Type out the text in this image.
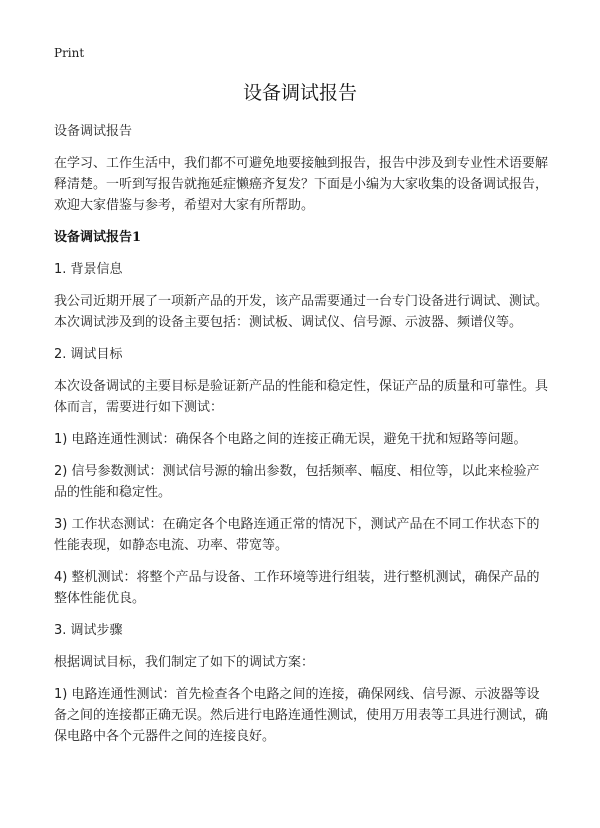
Print
设备调试报告

设备调试报告

在学习、工作生活中，我们都不可避免地要接触到报告，报告中涉及到专业性术语要解释清楚。一听到写报告就拖延症懒癌齐复发？下面是小编为大家收集的设备调试报告，欢迎大家借鉴与参考，希望对大家有所帮助。

设备调试报告1

1. 背景信息

我公司近期开展了一项新产品的开发，该产品需要通过一台专门设备进行调试、测试。本次调试涉及到的设备主要包括：测试板、调试仪、信号源、示波器、频谱仪等。

2. 调试目标

本次设备调试的主要目标是验证新产品的性能和稳定性，保证产品的质量和可靠性。具体而言，需要进行如下测试：

1) 电路连通性测试：确保各个电路之间的连接正确无误，避免干扰和短路等问题。

2) 信号参数测试：测试信号源的输出参数，包括频率、幅度、相位等，以此来检验产品的性能和稳定性。

3) 工作状态测试：在确定各个电路连通正常的情况下，测试产品在不同工作状态下的性能表现，如静态电流、功率、带宽等。

4) 整机测试：将整个产品与设备、工作环境等进行组装，进行整机测试，确保产品的整体性能优良。

3. 调试步骤

根据调试目标，我们制定了如下的调试方案：

1) 电路连通性测试：首先检查各个电路之间的连接，确保网线、信号源、示波器等设备之间的连接都正确无误。然后进行电路连通性测试，使用万用表等工具进行测试，确保电路中各个元器件之间的连接良好。
